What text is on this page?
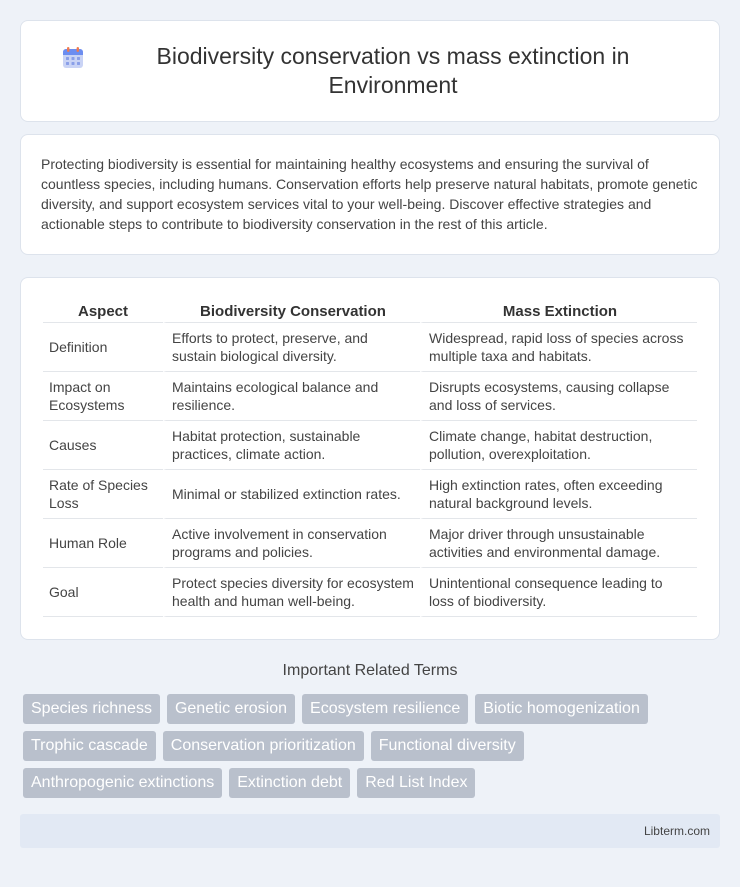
Biodiversity conservation vs mass extinction in Environment

Protecting biodiversity is essential for maintaining healthy ecosystems and ensuring the survival of countless species, including humans. Conservation efforts help preserve natural habitats, promote genetic diversity, and support ecosystem services vital to your well-being. Discover effective strategies and actionable steps to contribute to biodiversity conservation in the rest of this article.

Aspect	Biodiversity Conservation	Mass Extinction
Definition	Efforts to protect, preserve, and sustain biological diversity.	Widespread, rapid loss of species across multiple taxa and habitats.
Impact on Ecosystems	Maintains ecological balance and resilience.	Disrupts ecosystems, causing collapse and loss of services.
Causes	Habitat protection, sustainable practices, climate action.	Climate change, habitat destruction, pollution, overexploitation.
Rate of Species Loss	Minimal or stabilized extinction rates.	High extinction rates, often exceeding natural background levels.
Human Role	Active involvement in conservation programs and policies.	Major driver through unsustainable activities and environmental damage.
Goal	Protect species diversity for ecosystem health and human well-being.	Unintentional consequence leading to loss of biodiversity.
Important Related Terms
Species richness	Genetic erosion	Ecosystem resilience	Biotic homogenization
Trophic cascade	Conservation prioritization	Functional diversity
Anthropogenic extinctions	Extinction debt	Red List Index
Libterm.com
